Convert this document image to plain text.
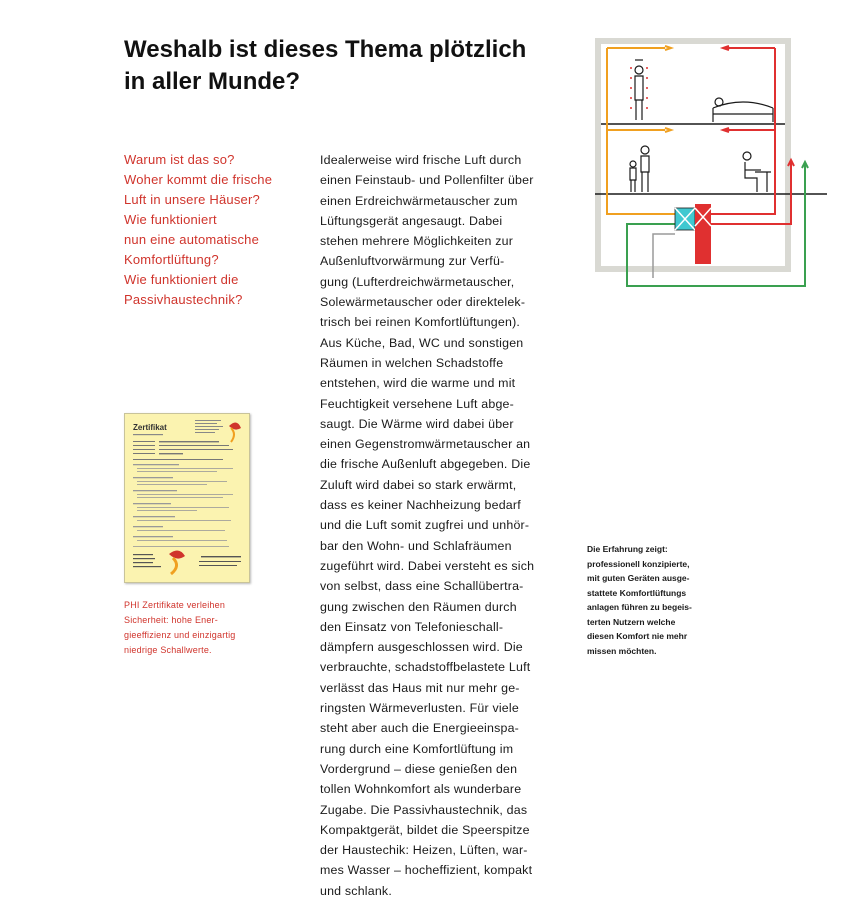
Weshalb ist dieses Thema plötzlich
in aller Munde?
Warum ist das so?
Woher kommt die frische
Luft in unsere Häuser?
Wie funktioniert
nun eine automatische
Komfortlüftung?
Wie funktioniert die
Passivhaustechnik?
Zertifikat
PHI Zertifikate verleihen
Sicherheit: hohe Ener-
gieeffizienz und einzigartig
niedrige Schallwerte.
Idealerweise wird frische Luft durch
einen Feinstaub- und Pollenfilter über
einen Erdreichwärmetauscher zum
Lüftungsgerät angesaugt. Dabei
stehen mehrere Möglichkeiten zur
Außenluftvorwärmung zur Verfü-
gung (Lufterdreichwärmetauscher,
Solewärmetauscher oder direktelek-
trisch bei reinen Komfortlüftungen).
Aus Küche, Bad, WC und sonstigen
Räumen in welchen Schadstoffe
entstehen, wird die warme und mit
Feuchtigkeit versehene Luft abge-
saugt. Die Wärme wird dabei über
einen Gegenstromwärmetauscher an
die frische Außenluft abgegeben. Die
Zuluft wird dabei so stark erwärmt,
dass es keiner Nachheizung bedarf
und die Luft somit zugfrei und unhör-
bar den Wohn- und Schlafräumen
zugeführt wird. Dabei versteht es sich
von selbst, dass eine Schallübertra-
gung zwischen den Räumen durch
den Einsatz von Telefonieschall-
dämpfern ausgeschlossen wird. Die
verbrauchte, schadstoffbelastete Luft
verlässt das Haus mit nur mehr ge-
ringsten Wärmeverlusten. Für viele
steht aber auch die Energieeinspa-
rung durch eine Komfortlüftung im
Vordergrund – diese genießen den
tollen Wohnkomfort als wunderbare
Zugabe. Die Passivhaustechnik, das
Kompaktgerät, bildet die Speerspitze
der Haustechik: Heizen, Lüften, war-
mes Wasser – hocheffizient, kompakt
und schlank.
Die Erfahrung zeigt:
professionell konzipierte,
mit guten Geräten ausge-
stattete Komfortlüftungs
anlagen führen zu begeis-
terten Nutzern welche
diesen Komfort nie mehr
missen möchten.
